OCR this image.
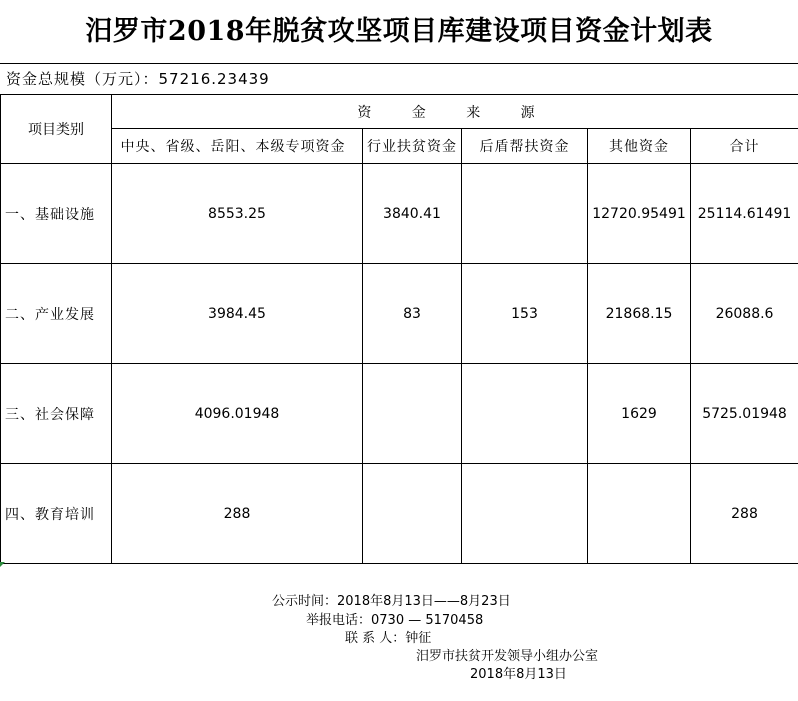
汨罗市2018年脱贫攻坚项目库建设项目资金计划表
资金总规模（万元）：57216.23439
项目类别	资 金 来 源				
	中央、省级、岳阳、本级专项资金	行业扶贫资金	后盾帮扶资金	其他资金	合计
一、基础设施	8553.25	3840.41		12720.95491	25114.61491
二、产业发展	3984.45	83	153	21868.15	26088.6
三、社会保障	4096.01948			1629	5725.01948
四、教育培训	288				288
公示时间：2018年8月13日——8月23日
举报电话：0730 — 5170458
联 系 人：钟征
汨罗市扶贫开发领导小组办公室
2018年8月13日
